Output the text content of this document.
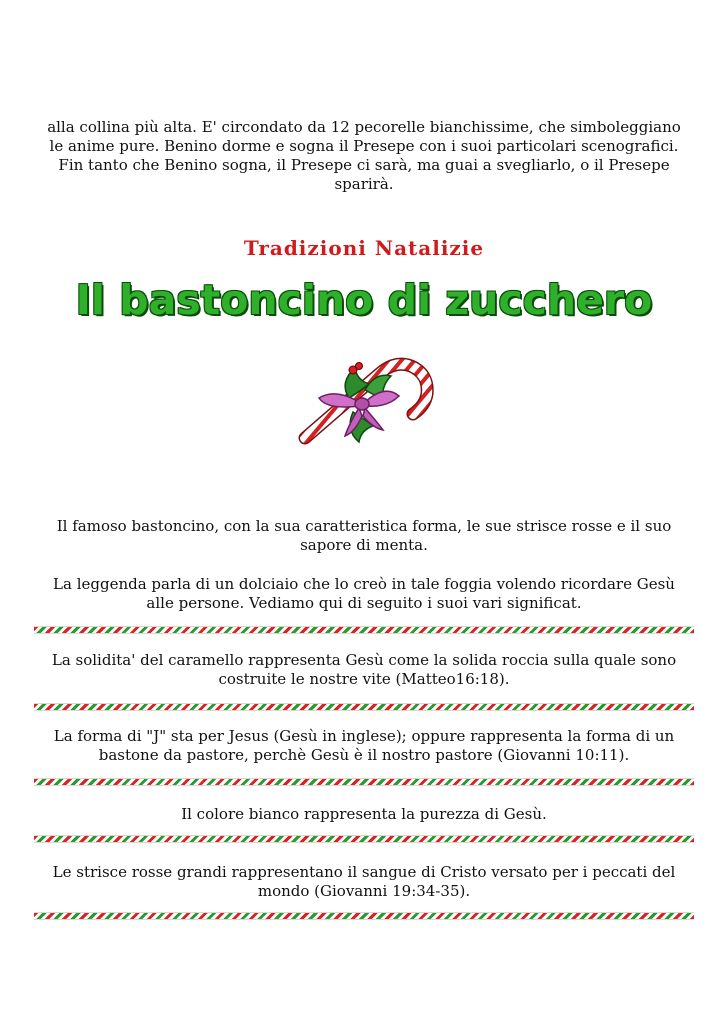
alla collina più alta. E' circondato da 12 pecorelle bianchissime, che simboleggiano
le anime pure. Benino dorme e sogna il Presepe con i suoi particolari scenografici.
Fin tanto che Benino sogna, il Presepe ci sarà, ma guai a svegliarlo, o il Presepe
sparirà.

Tradizioni Natalizie
Il bastoncino di zucchero

Il famoso bastoncino, con la sua caratteristica forma, le sue strisce rosse e il suo
sapore di menta.

La leggenda parla di un dolciaio che lo creò in tale foggia volendo ricordare Gesù
alle persone. Vediamo qui di seguito i suoi vari significat.

La solidita' del caramello rappresenta Gesù come la solida roccia sulla quale sono
costruite le nostre vite (Matteo16:18).

La forma di "J" sta per Jesus (Gesù in inglese); oppure rappresenta la forma di un
bastone da pastore, perchè Gesù è il nostro pastore (Giovanni 10:11).

Il colore bianco rappresenta la purezza di Gesù.

Le strisce rosse grandi rappresentano il sangue di Cristo versato per i peccati del
mondo (Giovanni 19:34-35).
